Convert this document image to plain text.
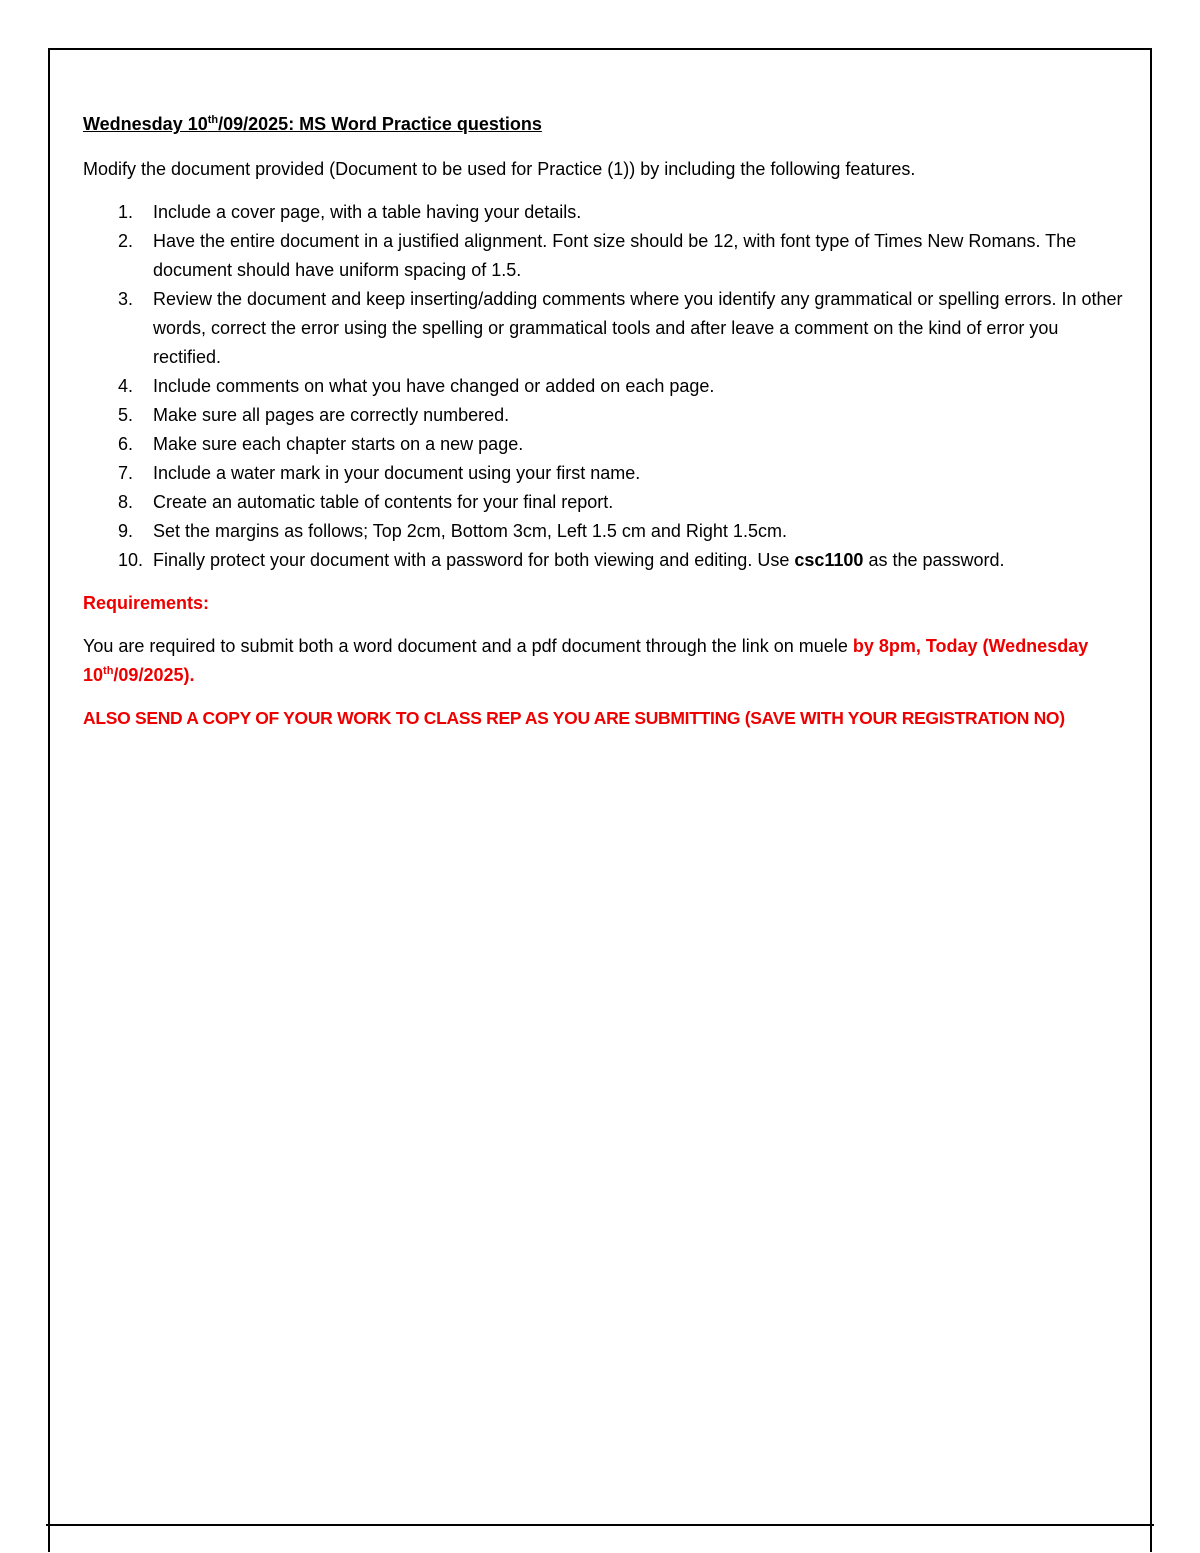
Wednesday 10th/09/2025: MS Word Practice questions

Modify the document provided (Document to be used for Practice (1)) by including the following features.

1.	Include a cover page, with a table having your details.
2.	Have the entire document in a justified alignment. Font size should be 12, with font type of Times New Romans. The document should have uniform spacing of 1.5.
3.	Review the document and keep inserting/adding comments where you identify any grammatical or spelling errors. In other words, correct the error using the spelling or grammatical tools and after leave a comment on the kind of error you rectified.
4.	Include comments on what you have changed or added on each page.
5.	Make sure all pages are correctly numbered.
6.	Make sure each chapter starts on a new page.
7.	Include a water mark in your document using your first name.
8.	Create an automatic table of contents for your final report.
9.	Set the margins as follows; Top 2cm, Bottom 3cm, Left 1.5 cm and Right 1.5cm.
10. Finally protect your document with a password for both viewing and editing. Use csc1100 as the password.

Requirements:

You are required to submit both a word document and a pdf document through the link on muele by 8pm, Today (Wednesday 10th/09/2025).

ALSO SEND A COPY OF YOUR WORK TO CLASS REP AS YOU ARE SUBMITTING (SAVE WITH YOUR REGISTRATION NO)
